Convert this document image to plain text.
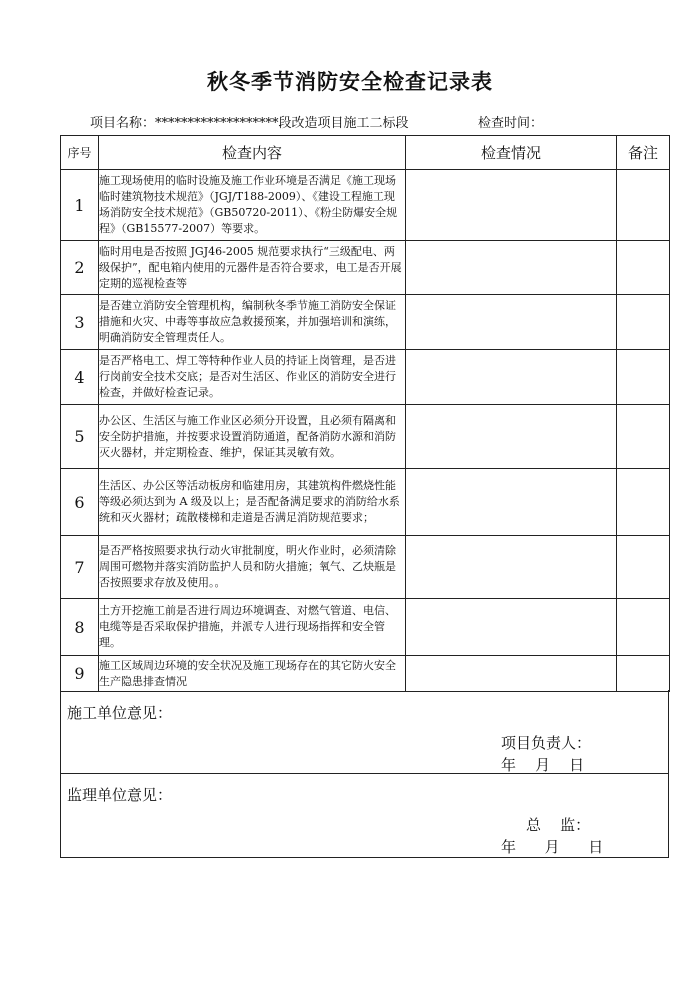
秋冬季节消防安全检查记录表
项目名称：*******************段改造项目施工二标段	检查时间：
序号	检查内容	检查情况	备注
1	施工现场使用的临时设施及施工作业环境是否满足《施工现场临时建筑物技术规范》（JGJ/T188-2009）、《建设工程施工现场消防安全技术规范》（GB50720-2011）、《粉尘防爆安全规程》（GB15577-2007）等要求。		
2	临时用电是否按照 JGJ46-2005 规范要求执行“三级配电、两级保护”，配电箱内使用的元器件是否符合要求，电工是否开展定期的巡视检查等		
3	是否建立消防安全管理机构，编制秋冬季节施工消防安全保证措施和火灾、中毒等事故应急救援预案，并加强培训和演练，明确消防安全管理责任人。		
4	是否严格电工、焊工等特种作业人员的持证上岗管理，是否进行岗前安全技术交底；是否对生活区、作业区的消防安全进行检查，并做好检查记录。		
5	办公区、生活区与施工作业区必须分开设置，且必须有隔离和安全防护措施，并按要求设置消防通道，配备消防水源和消防灭火器材，并定期检查、维护，保证其灵敏有效。		
6	生活区、办公区等活动板房和临建用房，其建筑构件燃烧性能等级必须达到为 A 级及以上；是否配备满足要求的消防给水系统和灭火器材；疏散楼梯和走道是否满足消防规范要求；		
7	是否严格按照要求执行动火审批制度，明火作业时，必须清除周围可燃物并落实消防监护人员和防火措施；氧气、乙炔瓶是否按照要求存放及使用。。		
8	土方开挖施工前是否进行周边环境调查、对燃气管道、电信、电缆等是否采取保护措施，并派专人进行现场指挥和安全管理。		
9	施工区域周边环境的安全状况及施工现场存在的其它防火安全生产隐患排查情况		
施工单位意见：
项目负责人：
年    月    日
监理单位意见：
总    监：
年      月      日
